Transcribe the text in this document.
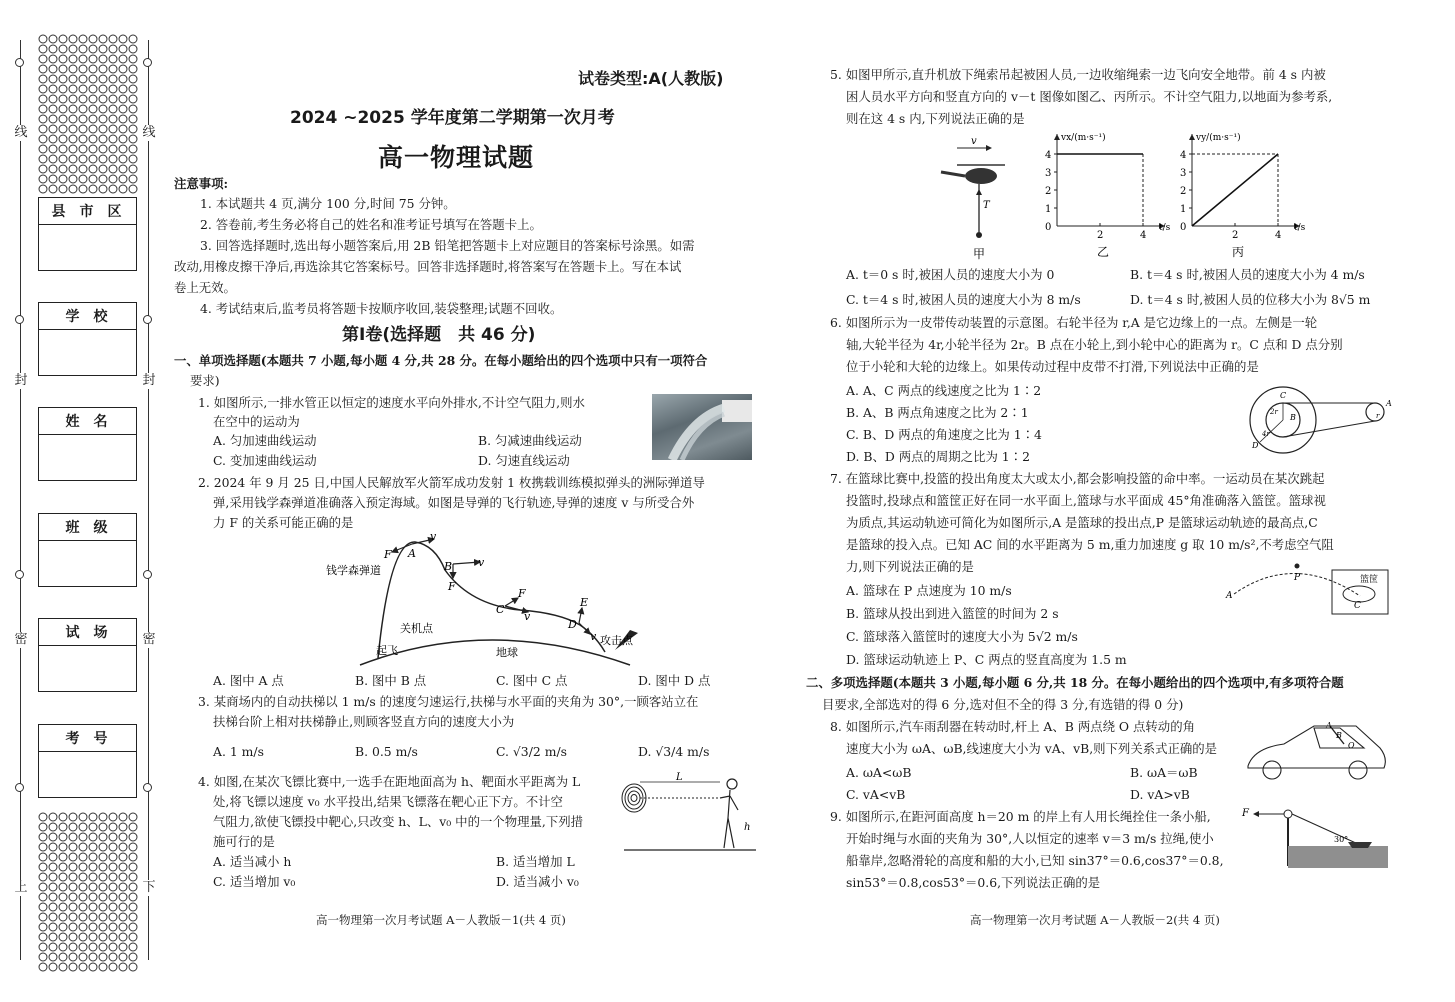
线
封
密
上
线
封
密
下
县市区
学校
姓名
班级
试场
考号
试卷类型:A(人教版)
2024 ~2025 学年度第二学期第一次月考
高一物理试题
注意事项:
1. 本试题共 4 页,满分 100 分,时间 75 分钟。
2. 答卷前,考生务必将自己的姓名和准考证号填写在答题卡上。
3. 回答选择题时,选出每小题答案后,用 2B 铅笔把答题卡上对应题目的答案标号涂黑。如需
改动,用橡皮擦干净后,再选涂其它答案标号。回答非选择题时,将答案写在答题卡上。写在本试
卷上无效。
4. 考试结束后,监考员将答题卡按顺序收回,装袋整理;试题不回收。
第Ⅰ卷(选择题　共 46 分)
一、单项选择题(本题共 7 小题,每小题 4 分,共 28 分。在每小题给出的四个选项中只有一项符合
要求)
1. 如图所示,一排水管正以恒定的速度水平向外排水,不计空气阻力,则水
在空中的运动为
A. 匀加速曲线运动	B. 匀减速曲线运动
C. 变加速曲线运动	D. 匀速直线运动
2. 2024 年 9 月 25 日,中国人民解放军火箭军成功发射 1 枚携载训练模拟弹头的洲际弹道导
弹,采用钱学森弹道准确落入预定海域。如图是导弹的飞行轨迹,导弹的速度 v 与所受合外
力 F 的关系可能正确的是
钱学森弹道
关机点
起飞	地球
攻击点
A
B
C
D
E
F
F
F
v
v
v
v
A. 图中 A 点	B. 图中 B 点	C. 图中 C 点	D. 图中 D 点
3. 某商场内的自动扶梯以 1 m/s 的速度匀速运行,扶梯与水平面的夹角为 30°,一顾客站立在
扶梯台阶上相对扶梯静止,则顾客竖直方向的速度大小为
A. 1 m/s	B. 0.5 m/s	C. √3/2 m/s	D. √3/4 m/s
4. 如图,在某次飞镖比赛中,一选手在距地面高为 h、靶面水平距离为 L
处,将飞镖以速度 v₀ 水平投出,结果飞镖落在靶心正下方。不计空
气阻力,欲使飞镖投中靶心,只改变 h、L、v₀ 中的一个物理量,下列措
施可行的是
A. 适当减小 h	B. 适当增加 L
C. 适当增加 v₀	D. 适当减小 v₀
L
h
高一物理第一次月考试题 A－人教版－1(共 4 页)
5. 如图甲所示,直升机放下绳索吊起被困人员,一边收缩绳索一边飞向安全地带。前 4 s 内被
困人员水平方向和竖直方向的 v－t 图像如图乙、丙所示。不计空气阻力,以地面为参考系,
则在这 4 s 内,下列说法正确的是
v
T
甲
0
1
2
3
4
2	4
vx/(m·s⁻¹)
t/s
乙
0
1
2
3
4
2	4
vy/(m·s⁻¹)
t/s
丙
A. t＝0 s 时,被困人员的速度大小为 0	B. t＝4 s 时,被困人员的速度大小为 4 m/s
C. t＝4 s 时,被困人员的速度大小为 8 m/s	D. t＝4 s 时,被困人员的位移大小为 8√5 m
6. 如图所示为一皮带传动装置的示意图。右轮半径为 r,A 是它边缘上的一点。左侧是一轮
轴,大轮半径为 4r,小轮半径为 2r。B 点在小轮上,到小轮中心的距离为 r。C 点和 D 点分别
位于小轮和大轮的边缘上。如果传动过程中皮带不打滑,下列说法中正确的是
A. A、C 两点的线速度之比为 1∶2
B. A、B 两点角速度之比为 2∶1
C. B、D 两点的角速度之比为 1∶4
D. B、D 两点的周期之比为 1∶2
C
D
A
B
2r
4r
r
7. 在篮球比赛中,投篮的投出角度太大或太小,都会影响投篮的命中率。一运动员在某次跳起
投篮时,投球点和篮筐正好在同一水平面上,篮球与水平面成 45°角准确落入篮筐。篮球视
为质点,其运动轨迹可简化为如图所示,A 是篮球的投出点,P 是篮球运动轨迹的最高点,C
是篮球的投入点。已知 AC 间的水平距离为 5 m,重力加速度 g 取 10 m/s²,不考虑空气阻
力,则下列说法正确的是
A. 篮球在 P 点速度为 10 m/s
B. 篮球从投出到进入篮筐的时间为 2 s
C. 篮球落入篮筐时的速度大小为 5√2 m/s
D. 篮球运动轨迹上 P、C 两点的竖直高度为 1.5 m
A
P
C
篮筐
二、多项选择题(本题共 3 小题,每小题 6 分,共 18 分。在每小题给出的四个选项中,有多项符合题
目要求,全部选对的得 6 分,选对但不全的得 3 分,有选错的得 0 分)
8. 如图所示,汽车雨刮器在转动时,杆上 A、B 两点绕 O 点转动的角
速度大小为 ωA、ωB,线速度大小为 vA、vB,则下列关系式正确的是
A. ωA<ωB	B. ωA＝ωB
C. vA<vB	D. vA>vB
A
B
O
9. 如图所示,在距河面高度 h＝20 m 的岸上有人用长绳拴住一条小船,
开始时绳与水面的夹角为 30°,人以恒定的速率 v＝3 m/s 拉绳,使小
船靠岸,忽略滑轮的高度和船的大小,已知 sin37°＝0.6,cos37°＝0.8,
sin53°＝0.8,cos53°＝0.6,下列说法正确的是
F
30°
高一物理第一次月考试题 A－人教版－2(共 4 页)
